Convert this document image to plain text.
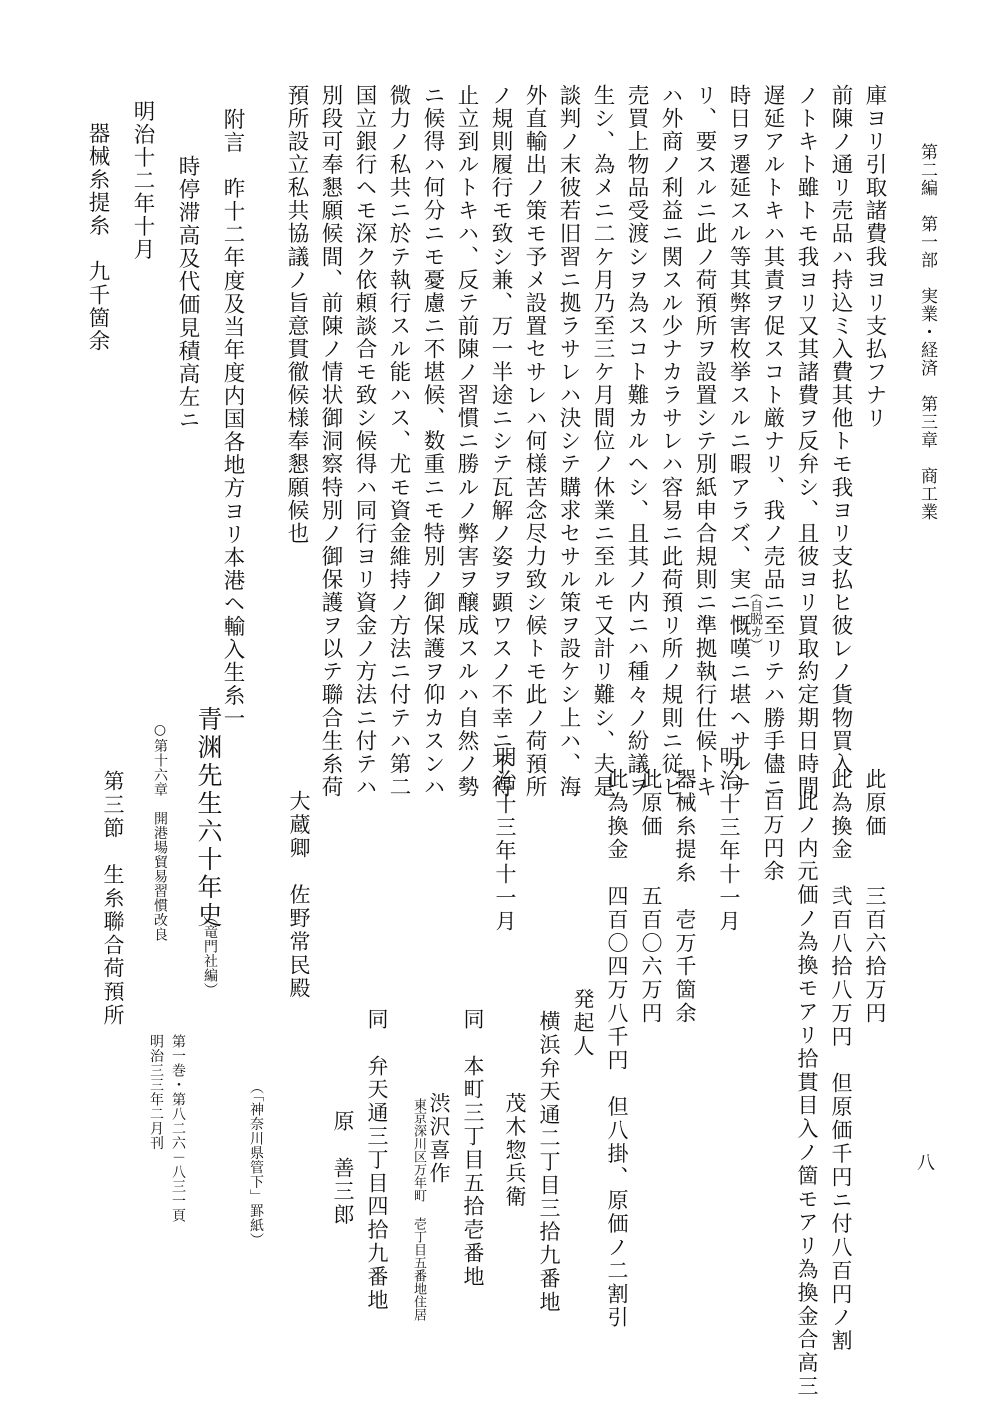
第二編　第一部　実業・経済　第三章　商工業
八
庫ヨリ引取諸費我ヨリ支払フナリ
前陳ノ通リ売品ハ持込ミ入費其他トモ我ヨリ支払ヒ彼レノ貨物買入
ノトキト雖トモ我ヨリ又其諸費ヲ反弁シ、且彼ヨリ買取約定期日時間
遅延アルトキハ其責ヲ促スコト厳ナリ、我ノ売品ニ至リテハ勝手儘ニ
（自脱カ）
時日ヲ遷延スル等其弊害枚挙スルニ暇アラズ、実ニ慨嘆ニ堪ヘサルナ
リ、要スルニ此ノ荷預所ヲ設置シテ別紙申合規則ニ準拠執行仕候トキ
ハ外商ノ利益ニ関スル少ナカラサレハ容易ニ此荷預リ所ノ規則ニ従ヒ
売買上物品受渡シヲ為スコト難カルヘシ、且其ノ内ニハ種々ノ紛議ヲ
生シ、為メニ二ケ月乃至三ケ月間位ノ休業ニ至ルモ又計リ難シ、夫是
談判ノ末彼若旧習ニ拠ラサレハ決シテ購求セサル策ヲ設ケシ上ハ、海
外直輸出ノ策モ予メ設置セサレハ何様苦念尽力致シ候トモ此ノ荷預所
ノ規則履行モ致シ兼、万一半途ニシテ瓦解ノ姿ヲ顕ワスノ不幸ニ不得
止立到ルトキハ、反テ前陳ノ習慣ニ勝ルノ弊害ヲ醸成スルハ自然ノ勢
ニ候得ハ何分ニモ憂慮ニ不堪候、数重ニモ特別ノ御保護ヲ仰カスンハ
微力ノ私共ニ於テ執行スル能ハス、尤モ資金維持ノ方法ニ付テハ第二
国立銀行ヘモ深ク依頼談合モ致シ候得ハ同行ヨリ資金ノ方法ニ付テハ
別段可奉懇願候間、前陳ノ情状御洞察特別ノ御保護ヲ以テ聯合生糸荷
預所設立私共協議ノ旨意貫徹候様奉懇願候也
附言　昨十二年度及当年度内国各地方ヨリ本港ヘ輸入生糸一
時停滞高及代価見積高左ニ
明治十二年十月
器械糸提糸　九千箇余
此原価　　三百六拾万円
此為換金　弐百八拾八万円　但原価千円ニ付八百円ノ割
此ノ内元価ノ為換モアリ拾貫目入ノ箇モアリ為換金合高三
百万円余
明治十三年十一月
器械糸提糸　壱万千箇余
此原価　　五百〇六万円
此為換金　四百〇四万八千円　但八掛、原価ノ二割引
発起人
横浜弁天通二丁目三拾九番地
茂木惣兵衛
明治十三年十一月
同　本町三丁目五拾壱番地
渋沢喜作
東京深川区万年町 壱丁目五番地住居
同　弁天通三丁目四拾九番地
原　善三郎
大蔵卿　佐野常民殿
（「神奈川県管下」罫紙）
青渊先生六十年史
（竜門社編）
第一巻・第八二六－八三一頁
明治三三年二月刊
○第十六章　開港場貿易習慣改良
第三節　生糸聯合荷預所
